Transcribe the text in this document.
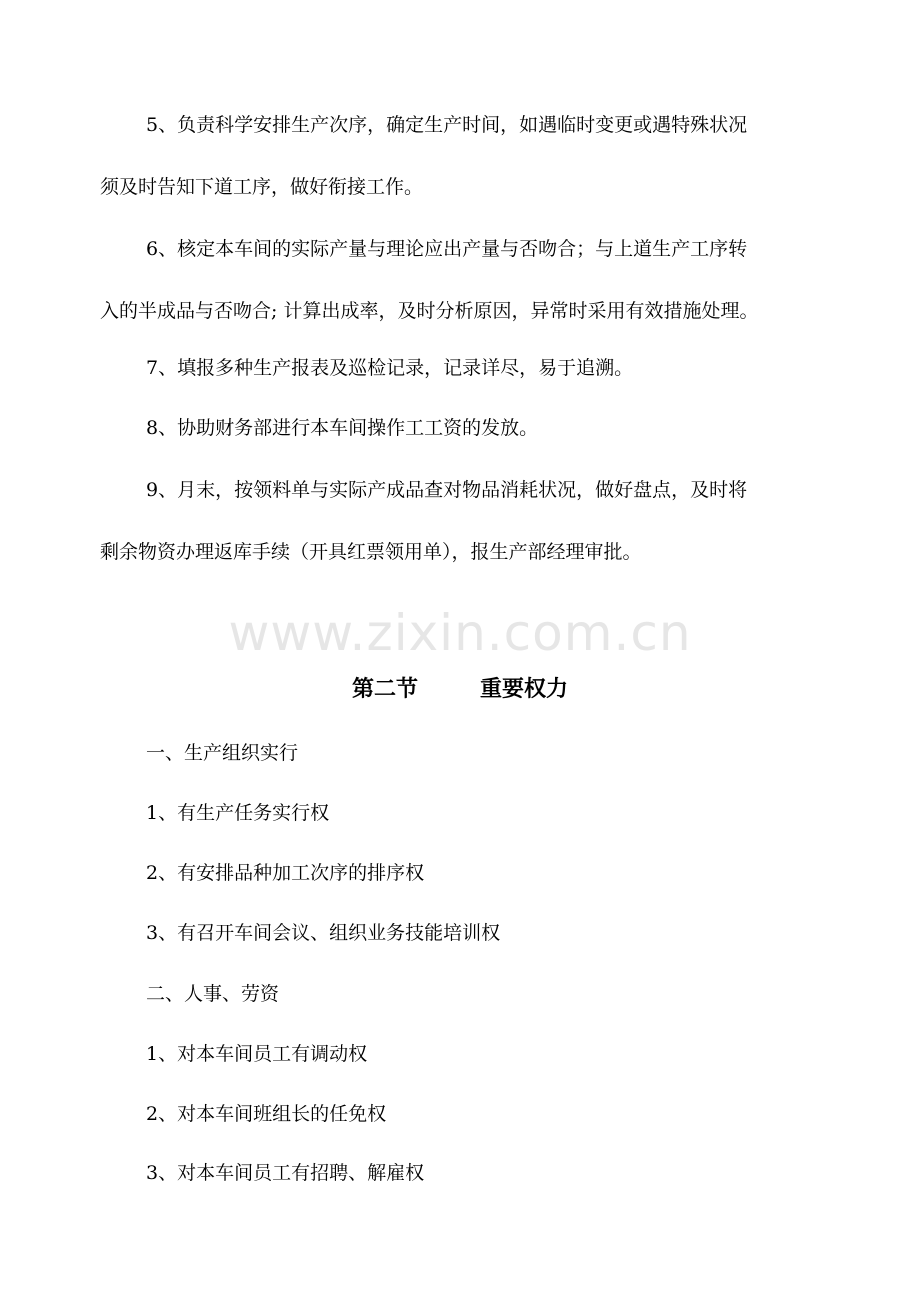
5、负责科学安排生产次序，确定生产时间，如遇临时变更或遇特殊状况
须及时告知下道工序，做好衔接工作。
6、核定本车间的实际产量与理论应出产量与否吻合；与上道生产工序转
入的半成品与否吻合; 计算出成率，及时分析原因，异常时采用有效措施处理。
7、填报多种生产报表及巡检记录，记录详尽，易于追溯。
8、协助财务部进行本车间操作工工资的发放。
9、月末，按领料单与实际产成品查对物品消耗状况，做好盘点，及时将
剩余物资办理返库手续（开具红票领用单），报生产部经理审批。
www.zixin.com.cn
第二节	重要权力
一、生产组织实行
1、有生产任务实行权
2、有安排品种加工次序的排序权
3、有召开车间会议、组织业务技能培训权
二、人事、劳资
1、对本车间员工有调动权
2、对本车间班组长的任免权
3、对本车间员工有招聘、解雇权
